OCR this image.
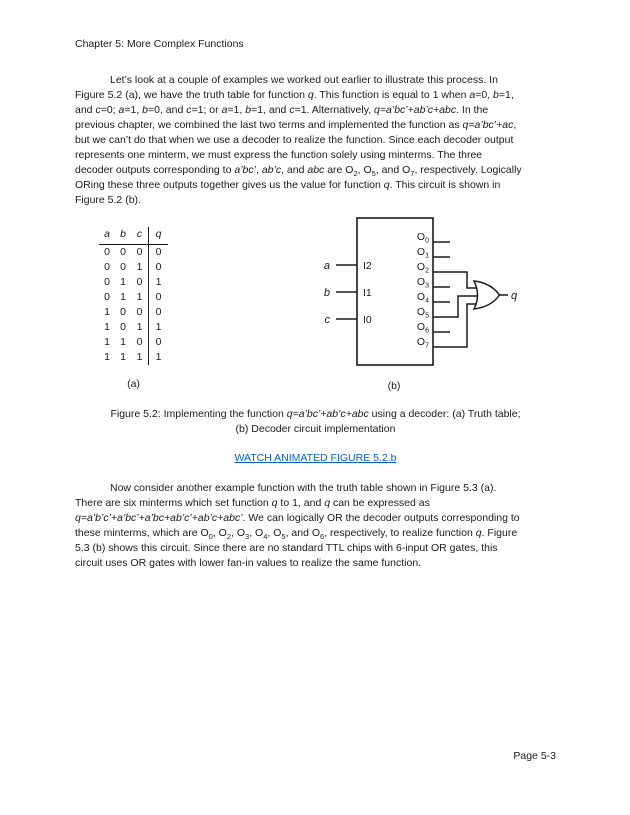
Chapter 5: More Complex Functions
Let’s look at a couple of examples we worked out earlier to illustrate this process. In
Figure 5.2 (a), we have the truth table for function q. This function is equal to 1 when a=0, b=1,
and c=0; a=1, b=0, and c=1; or a=1, b=1, and c=1. Alternatively, q=a’bc’+ab’c+abc. In the
previous chapter, we combined the last two terms and implemented the function as q=a’bc’+ac,
but we can’t do that when we use a decoder to realize the function. Since each decoder output
represents one minterm, we must express the function solely using minterms. The three
decoder outputs corresponding to a’bc’, ab’c, and abc are $O_2$, $O_5$, and $O_7$, respectively. Logically
ORing these three outputs together gives us the value for function q. This circuit is shown in
Figure 5.2 (b).
a b	c	q
0 0	0	0
0 0	1	0
0 1	0	1
0 1	1	0
1 0	0	0
1 0	1	1
1 1	0	0
1 1	1	1
(a)
a
b
c
I2
I1
I0
$O_0$
$O_1$
$O_2$
$O_3$
$O_4$
$O_5$
$O_6$
$O_7$
q
(b)
Figure 5.2: Implementing the function q=a’bc’+ab’c+abc using a decoder: (a) Truth table;
(b) Decoder circuit implementation
WATCH ANIMATED FIGURE 5.2.b
Now consider another example function with the truth table shown in Figure 5.3 (a).
There are six minterms which set function q to 1, and q can be expressed as
q=a’b’c’+a’bc’+a’bc+ab’c’+ab’c+abc’. We can logically OR the decoder outputs corresponding to
these minterms, which are $O_0$, $O_2$, $O_3$, $O_4$, $O_5$, and $O_6$, respectively, to realize function q. Figure
5.3 (b) shows this circuit. Since there are no standard TTL chips with 6-input OR gates, this
circuit uses OR gates with lower fan-in values to realize the same function.
Page 5-3
